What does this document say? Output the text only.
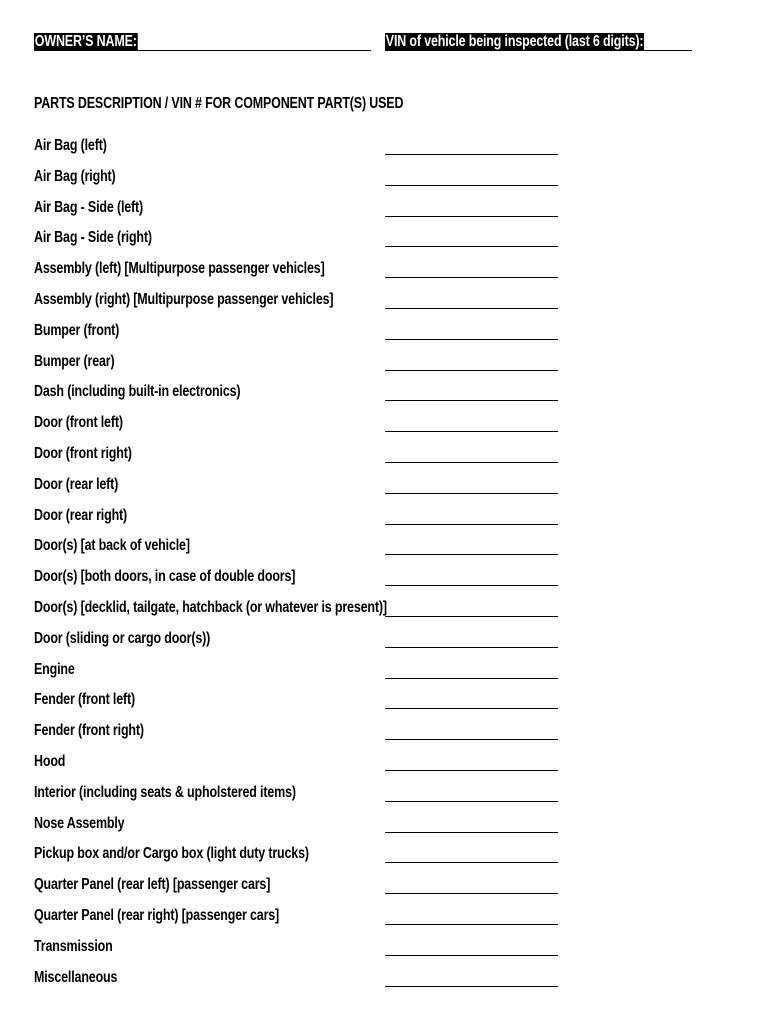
OWNER’S NAME:	VIN of vehicle being inspected (last 6 digits):
PARTS DESCRIPTION / VIN # FOR COMPONENT PART(S) USED
Air Bag (left)
Air Bag (right)
Air Bag - Side (left)
Air Bag - Side (right)
Assembly (left) [Multipurpose passenger vehicles]
Assembly (right) [Multipurpose passenger vehicles]
Bumper (front)
Bumper (rear)
Dash (including built-in electronics)
Door (front left)
Door (front right)
Door (rear left)
Door (rear right)
Door(s) [at back of vehicle]
Door(s) [both doors, in case of double doors]
Door(s) [decklid, tailgate, hatchback (or whatever is present)]
Door (sliding or cargo door(s))
Engine
Fender (front left)
Fender (front right)
Hood
Interior (including seats & upholstered items)
Nose Assembly
Pickup box and/or Cargo box (light duty trucks)
Quarter Panel (rear left) [passenger cars]
Quarter Panel (rear right) [passenger cars]
Transmission
Miscellaneous
